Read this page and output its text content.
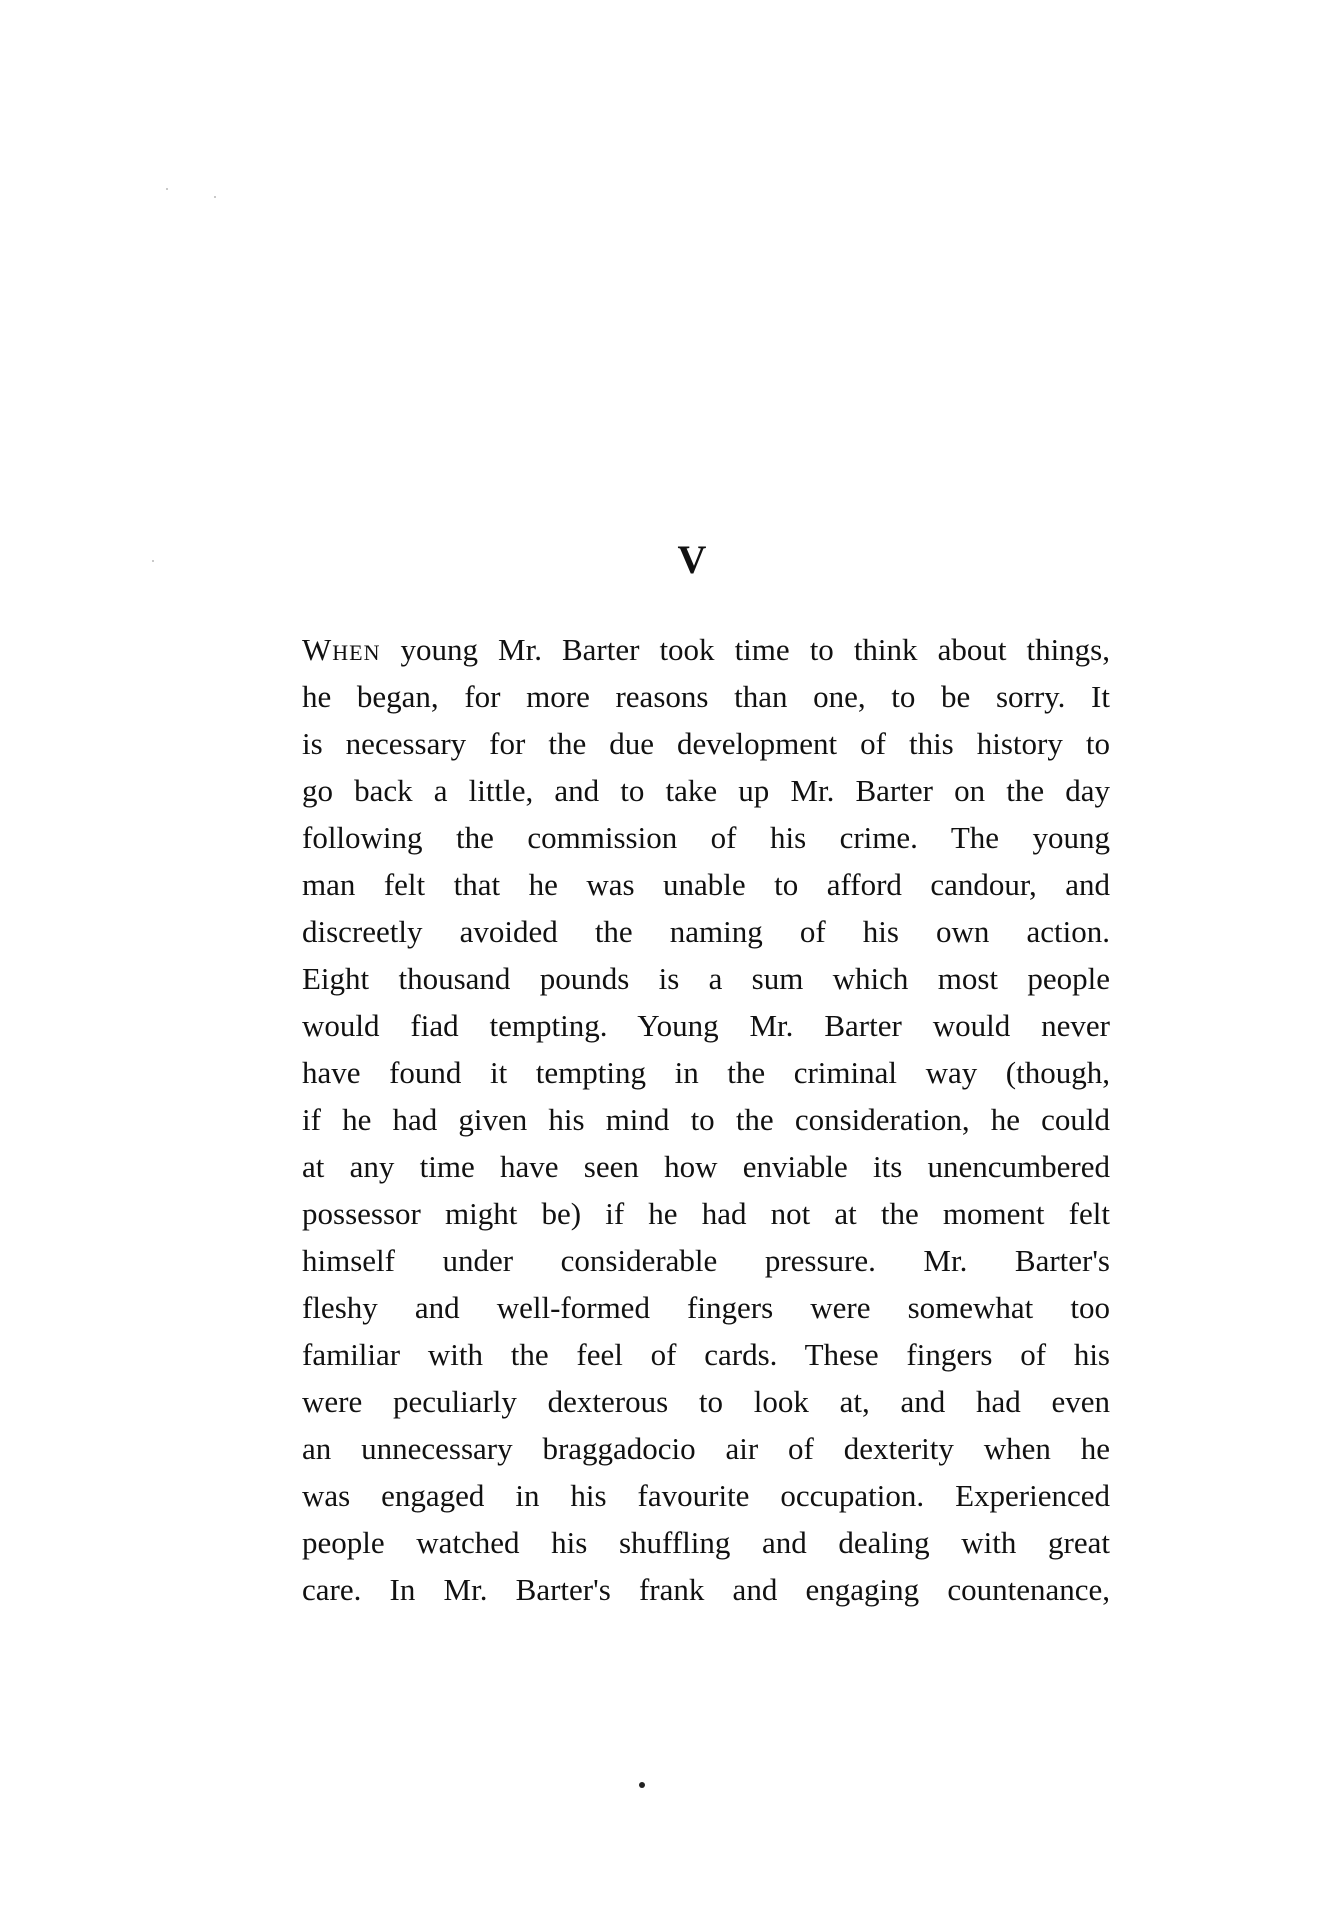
V
When young Mr. Barter took time to think about things,
he began, for more reasons than one, to be sorry. It
is necessary for the due development of this history to
go back a little, and to take up Mr. Barter on the day
following the commission of his crime. The young
man felt that he was unable to afford candour, and
discreetly avoided the naming of his own action.
Eight thousand pounds is a sum which most people
would fiad tempting. Young Mr. Barter would never
have found it tempting in the criminal way (though,
if he had given his mind to the consideration, he could
at any time have seen how enviable its unencumbered
possessor might be) if he had not at the moment felt
himself under considerable pressure. Mr. Barter's
fleshy and well-formed fingers were somewhat too
familiar with the feel of cards. These fingers of his
were peculiarly dexterous to look at, and had even
an unnecessary braggadocio air of dexterity when he
was engaged in his favourite occupation. Experienced
people watched his shuffling and dealing with great
care. In Mr. Barter's frank and engaging countenance,
